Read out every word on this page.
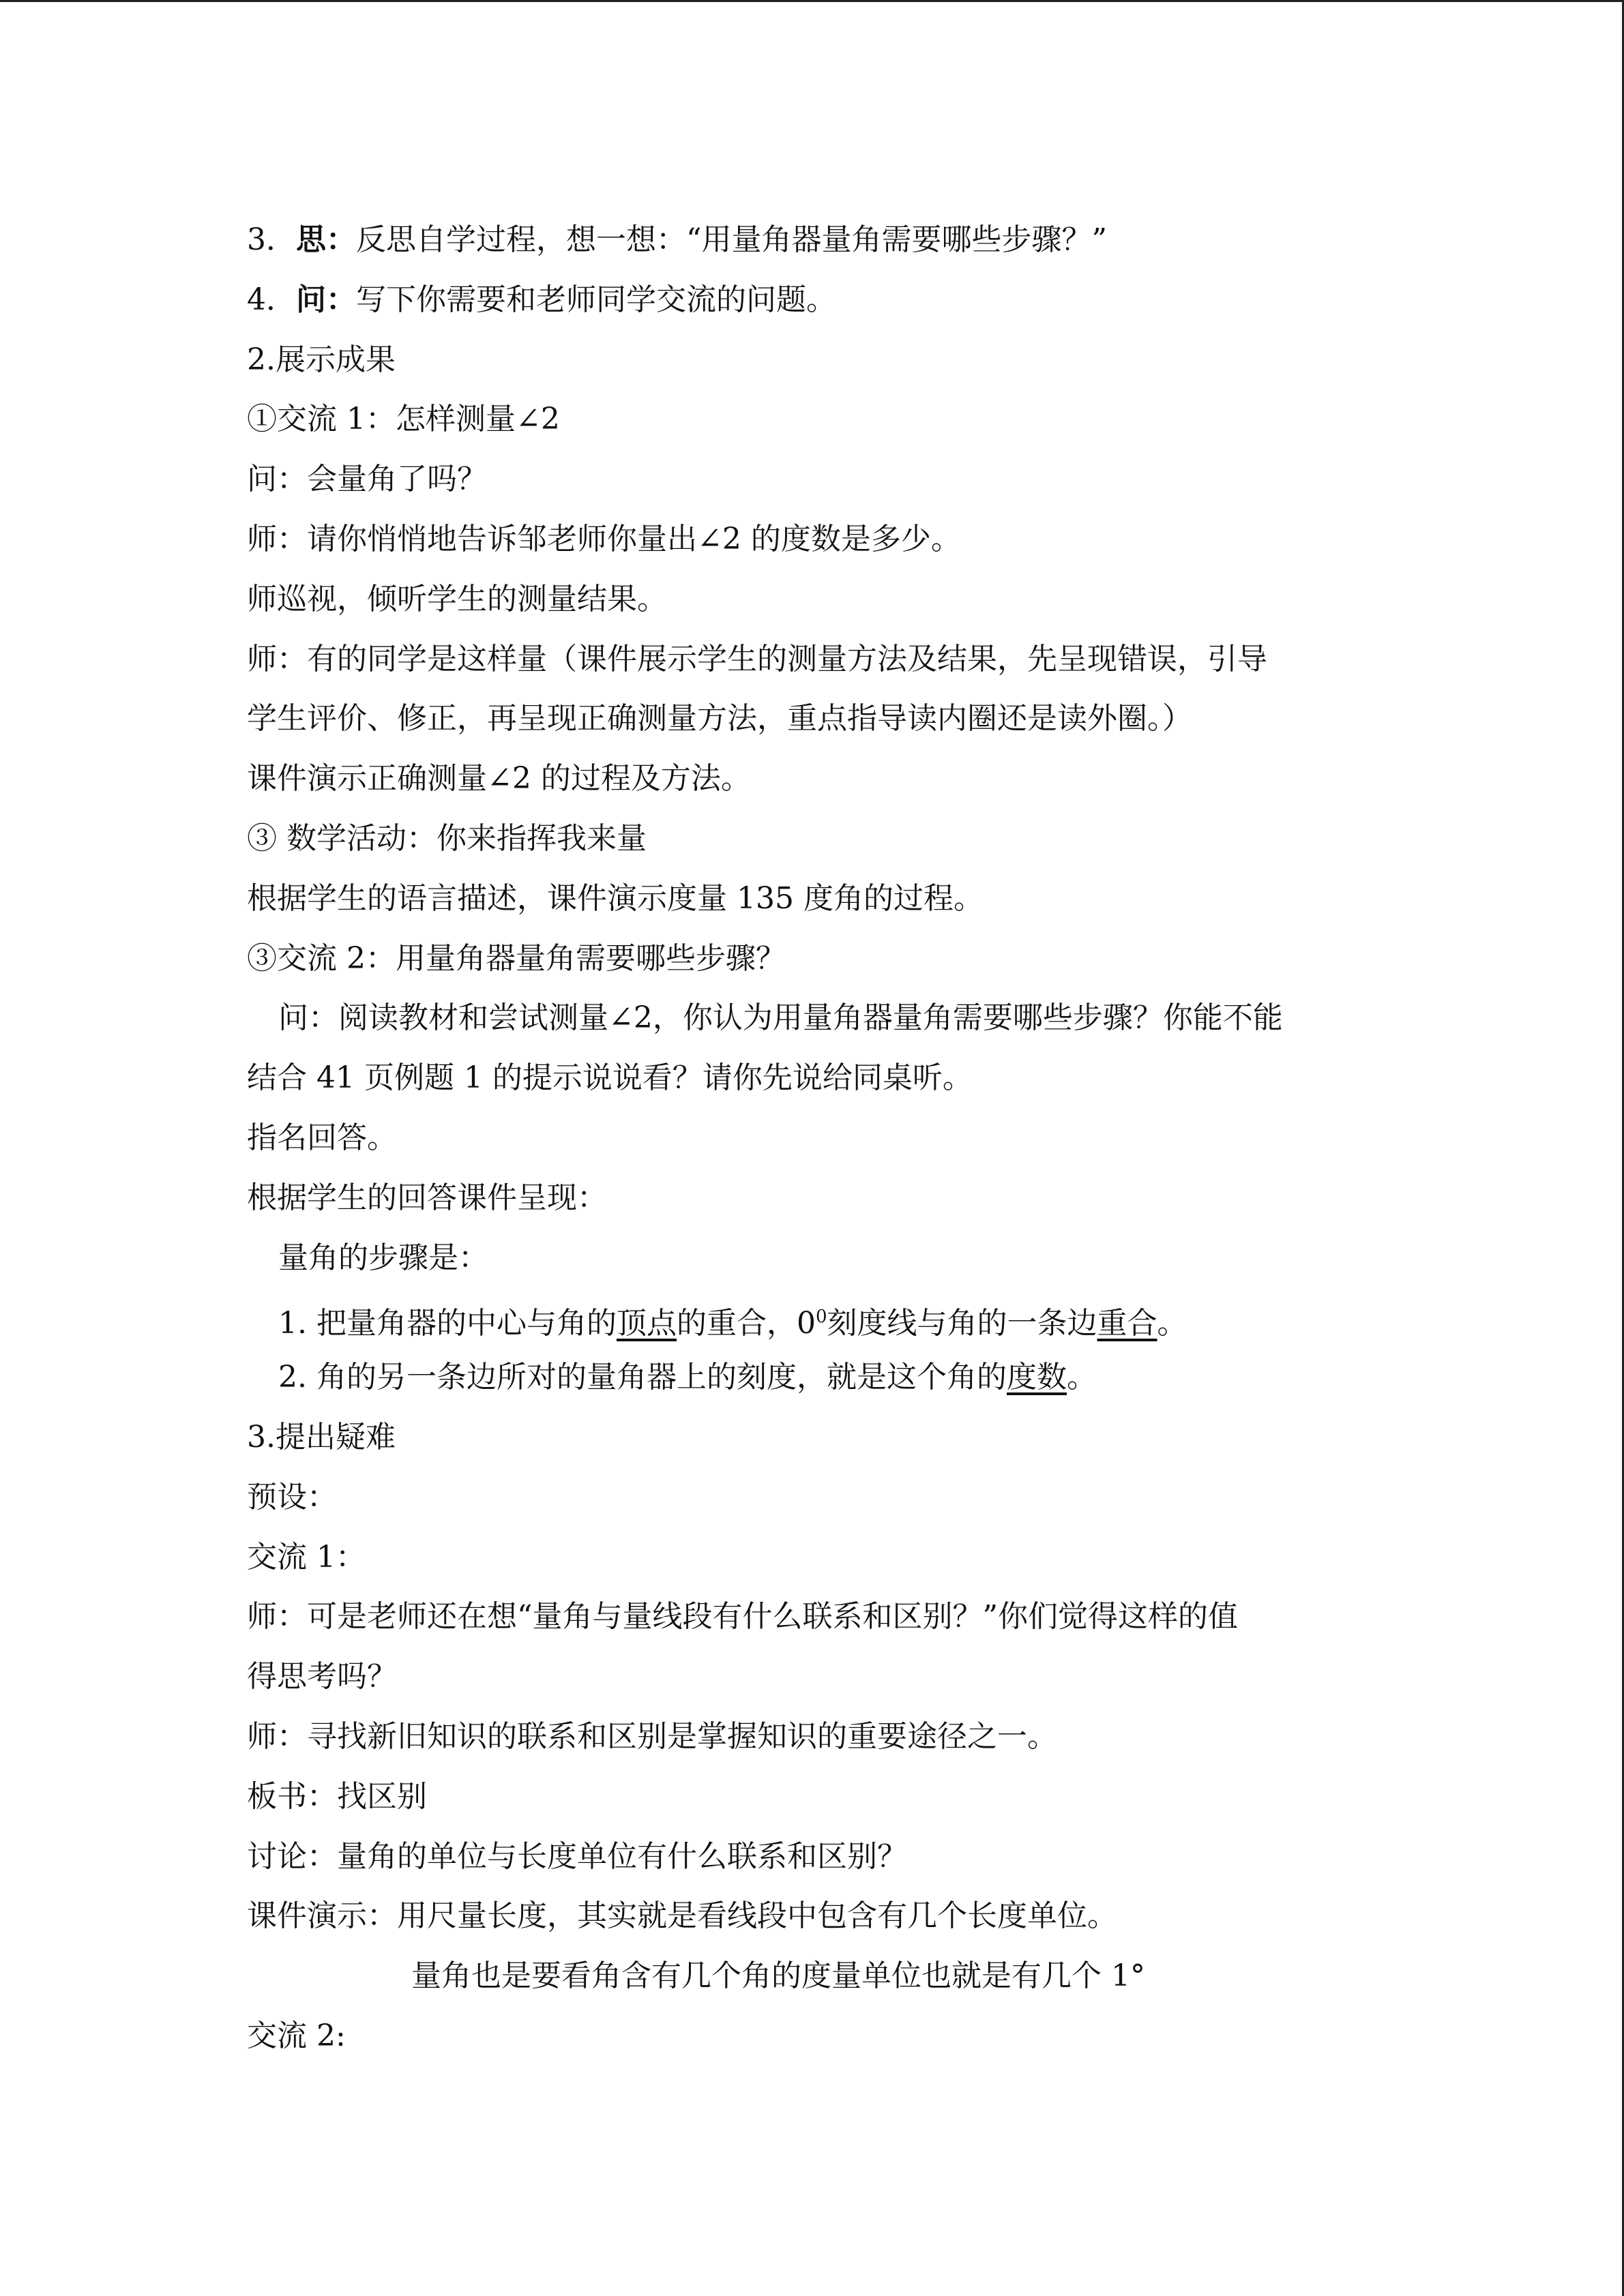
3．思：反思自学过程，想一想：“用量角器量角需要哪些步骤？”
4．问：写下你需要和老师同学交流的问题。
2.展示成果
①交流 1：怎样测量∠2
问：会量角了吗？
师：请你悄悄地告诉邹老师你量出∠2 的度数是多少。
师巡视，倾听学生的测量结果。
师：有的同学是这样量（课件展示学生的测量方法及结果，先呈现错误，引导
学生评价、修正，再呈现正确测量方法，重点指导读内圈还是读外圈。）
课件演示正确测量∠2 的过程及方法。
③ 数学活动：你来指挥我来量
根据学生的语言描述，课件演示度量 135 度角的过程。
③交流 2：用量角器量角需要哪些步骤？
问：阅读教材和尝试测量∠2，你认为用量角器量角需要哪些步骤？你能不能
结合 41 页例题 1 的提示说说看？请你先说给同桌听。
指名回答。
根据学生的回答课件呈现：
量角的步骤是：
1. 把量角器的中心与角的顶点的重合，$0^0$刻度线与角的一条边重合。
2. 角的另一条边所对的量角器上的刻度，就是这个角的度数。
3.提出疑难
预设：
交流 1：
师：可是老师还在想“量角与量线段有什么联系和区别？”你们觉得这样的值
得思考吗？
师：寻找新旧知识的联系和区别是掌握知识的重要途径之一。
板书：找区别
讨论：量角的单位与长度单位有什么联系和区别？
课件演示：用尺量长度，其实就是看线段中包含有几个长度单位。
量角也是要看角含有几个角的度量单位也就是有几个 1°
交流 2:
